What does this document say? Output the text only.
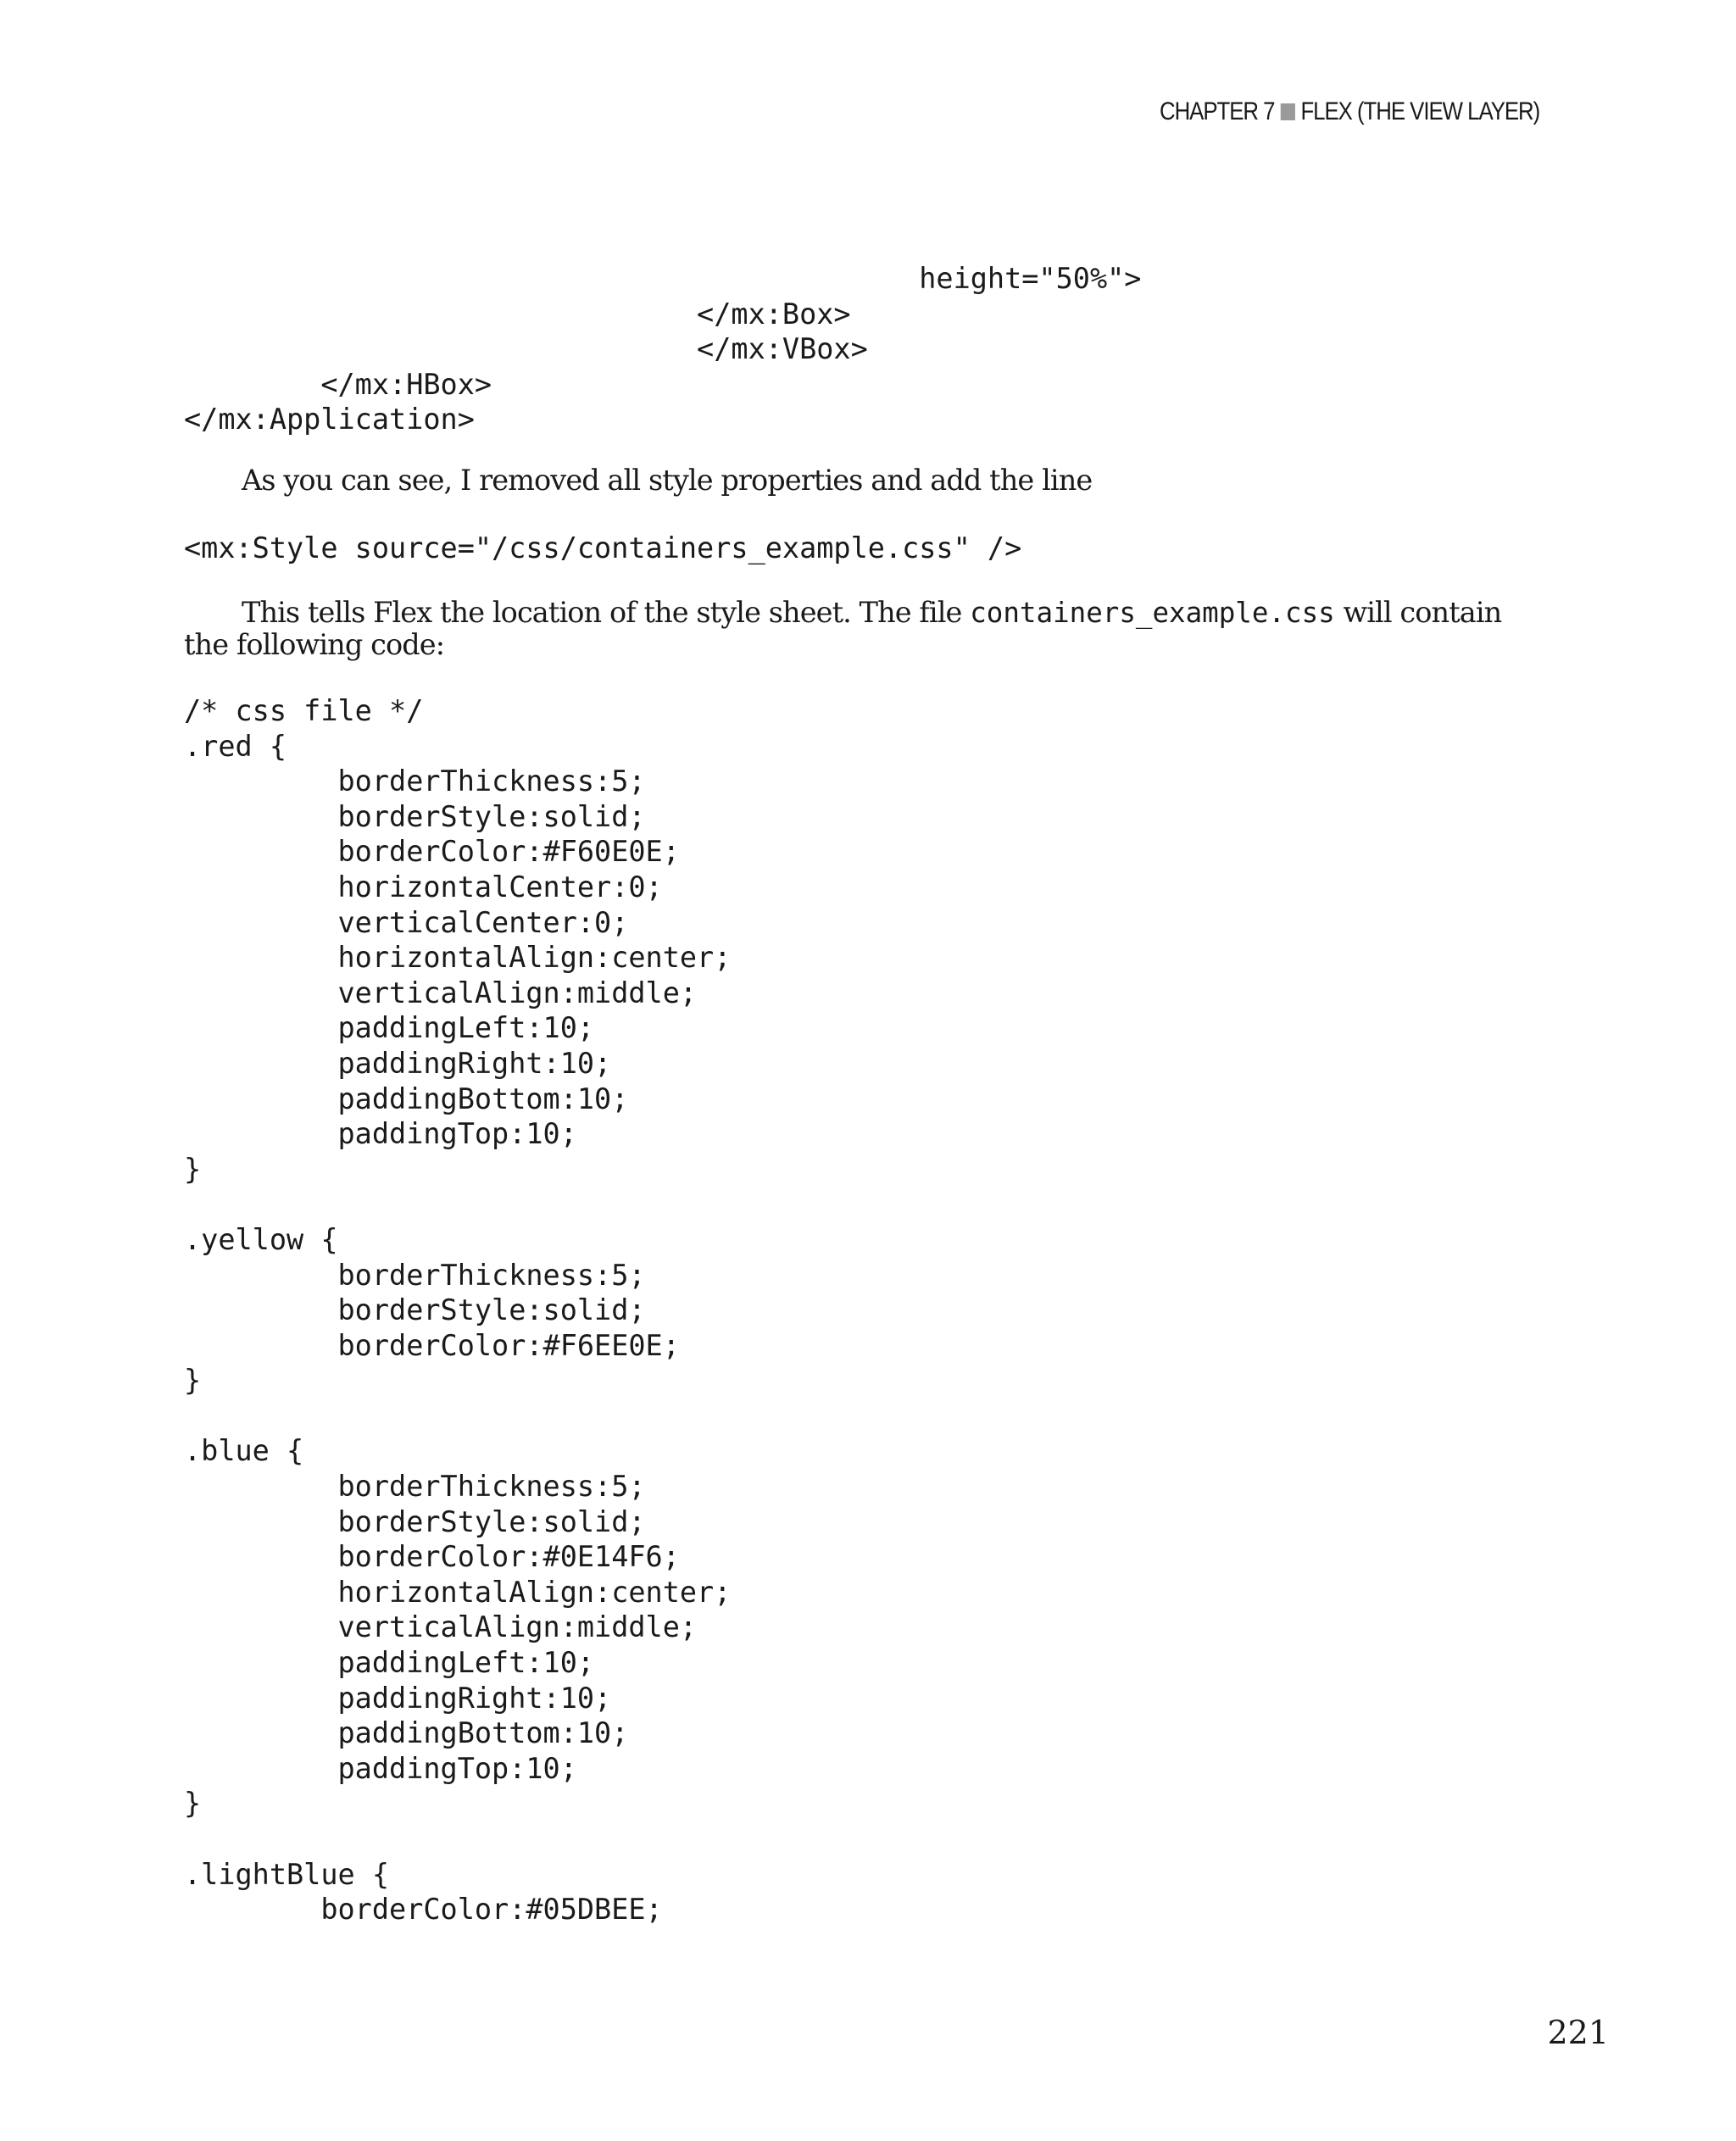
CHAPTER 7 FLEX (THE VIEW LAYER)
height="50%">
</mx:Box>
</mx:VBox>
</mx:HBox>
</mx:Application>

As you can see, I removed all style properties and add the line

<mx:Style source="/css/containers_example.css" />

This tells Flex the location of the style sheet. The file containers_example.css will contain the following code:

/* css file */
.red {
borderThickness:5;
borderStyle:solid;
borderColor:#F60E0E;
horizontalCenter:0;
verticalCenter:0;
horizontalAlign:center;
verticalAlign:middle;
paddingLeft:10;
paddingRight:10;
paddingBottom:10;
paddingTop:10;
}
.yellow {
borderThickness:5;
borderStyle:solid;
borderColor:#F6EE0E;
}
.blue {
borderThickness:5;
borderStyle:solid;
borderColor:#0E14F6;
horizontalAlign:center;
verticalAlign:middle;
paddingLeft:10;
paddingRight:10;
paddingBottom:10;
paddingTop:10;
}
.lightBlue {
borderColor:#05DBEE;
221
